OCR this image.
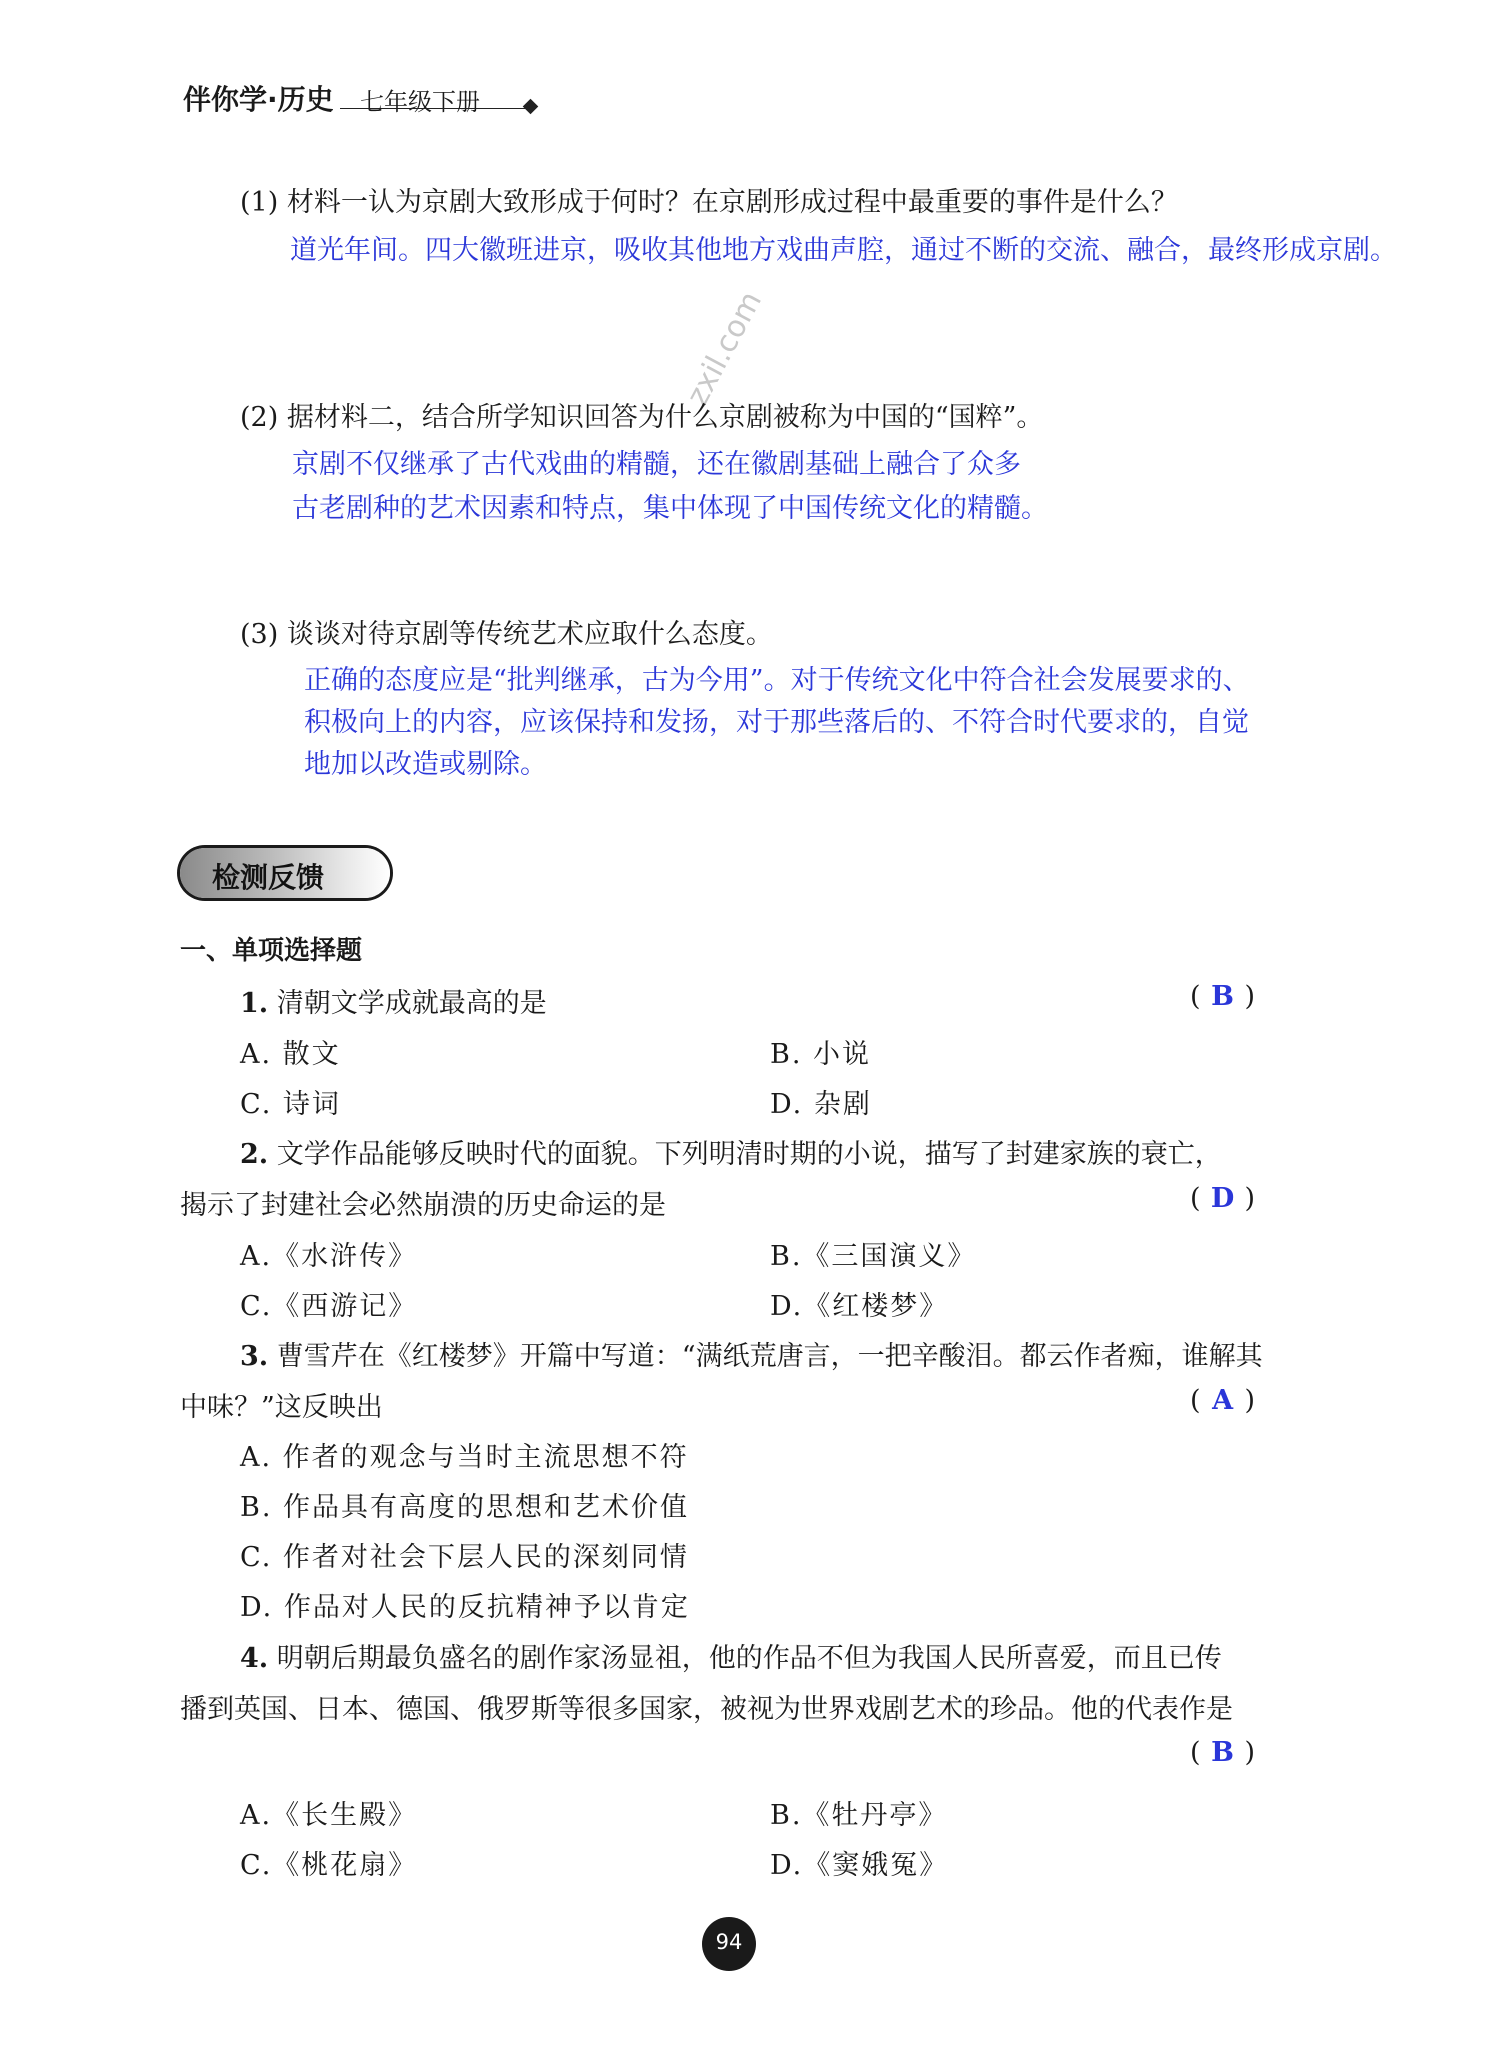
伴你学·历史 七年级下册
(1) 材料一认为京剧大致形成于何时？在京剧形成过程中最重要的事件是什么？
道光年间。四大徽班进京，吸收其他地方戏曲声腔，通过不断的交流、融合，最终形成京剧。
zxil.com
(2) 据材料二，结合所学知识回答为什么京剧被称为中国的“国粹”。
京剧不仅继承了古代戏曲的精髓，还在徽剧基础上融合了众多
古老剧种的艺术因素和特点，集中体现了中国传统文化的精髓。
(3) 谈谈对待京剧等传统艺术应取什么态度。
正确的态度应是“批判继承，古为今用”。对于传统文化中符合社会发展要求的、
积极向上的内容，应该保持和发扬，对于那些落后的、不符合时代要求的，自觉
地加以改造或剔除。
检测反馈
一、单项选择题
1. 清朝文学成就最高的是	( B )
A. 散文	B. 小说
C. 诗词	D. 杂剧
2. 文学作品能够反映时代的面貌。下列明清时期的小说，描写了封建家族的衰亡，
揭示了封建社会必然崩溃的历史命运的是	( D )
A.《水浒传》	B.《三国演义》
C.《西游记》	D.《红楼梦》
3. 曹雪芹在《红楼梦》开篇中写道：“满纸荒唐言，一把辛酸泪。都云作者痴，谁解其
中味？”这反映出	( A )
A. 作者的观念与当时主流思想不符
B. 作品具有高度的思想和艺术价值
C. 作者对社会下层人民的深刻同情
D. 作品对人民的反抗精神予以肯定
4. 明朝后期最负盛名的剧作家汤显祖，他的作品不但为我国人民所喜爱，而且已传
播到英国、日本、德国、俄罗斯等很多国家，被视为世界戏剧艺术的珍品。他的代表作是
( B )
A.《长生殿》	B.《牡丹亭》
C.《桃花扇》	D.《窦娥冤》
94
